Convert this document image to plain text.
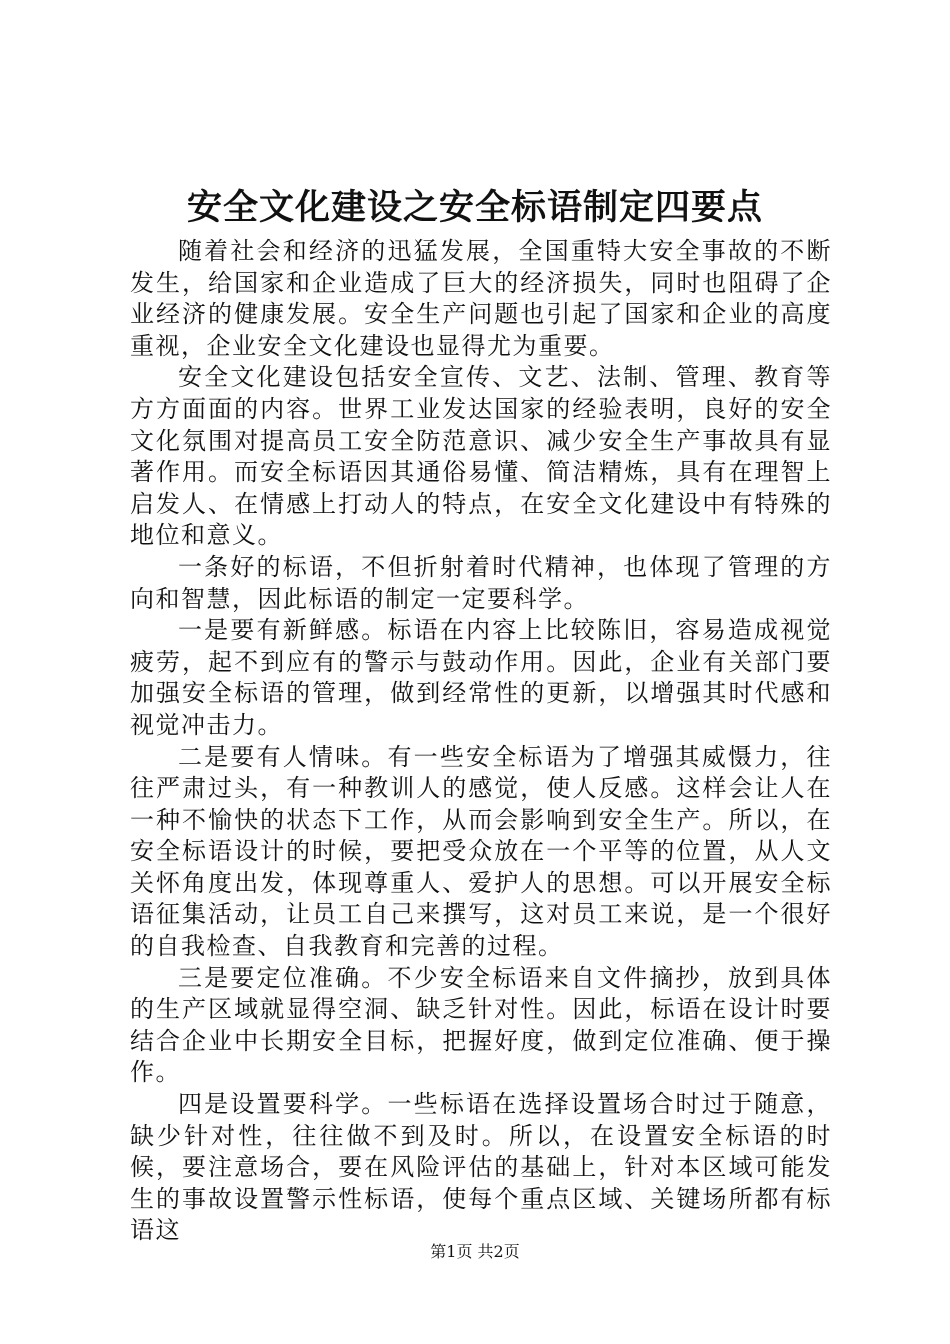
安全文化建设之安全标语制定四要点

随着社会和经济的迅猛发展，全国重特大安全事故的不断发生，给国家和企业造成了巨大的经济损失，同时也阻碍了企业经济的健康发展。安全生产问题也引起了国家和企业的高度重视，企业安全文化建设也显得尤为重要。

安全文化建设包括安全宣传、文艺、法制、管理、教育等方方面面的内容。世界工业发达国家的经验表明，良好的安全文化氛围对提高员工安全防范意识、减少安全生产事故具有显著作用。而安全标语因其通俗易懂、简洁精炼，具有在理智上启发人、在情感上打动人的特点，在安全文化建设中有特殊的地位和意义。

一条好的标语，不但折射着时代精神，也体现了管理的方向和智慧，因此标语的制定一定要科学。

一是要有新鲜感。标语在内容上比较陈旧，容易造成视觉疲劳，起不到应有的警示与鼓动作用。因此，企业有关部门要加强安全标语的管理，做到经常性的更新，以增强其时代感和视觉冲击力。

二是要有人情味。有一些安全标语为了增强其威慑力，往往严肃过头，有一种教训人的感觉，使人反感。这样会让人在一种不愉快的状态下工作，从而会影响到安全生产。所以，在安全标语设计的时候，要把受众放在一个平等的位置，从人文关怀角度出发，体现尊重人、爱护人的思想。可以开展安全标语征集活动，让员工自己来撰写，这对员工来说，是一个很好的自我检查、自我教育和完善的过程。

三是要定位准确。不少安全标语来自文件摘抄，放到具体的生产区域就显得空洞、缺乏针对性。因此，标语在设计时要结合企业中长期安全目标，把握好度，做到定位准确、便于操作。

四是设置要科学。一些标语在选择设置场合时过于随意，缺少针对性，往往做不到及时。所以，在设置安全标语的时候，要注意场合，要在风险评估的基础上，针对本区域可能发生的事故设置警示性标语，使每个重点区域、关键场所都有标语这

第1页 共2页
